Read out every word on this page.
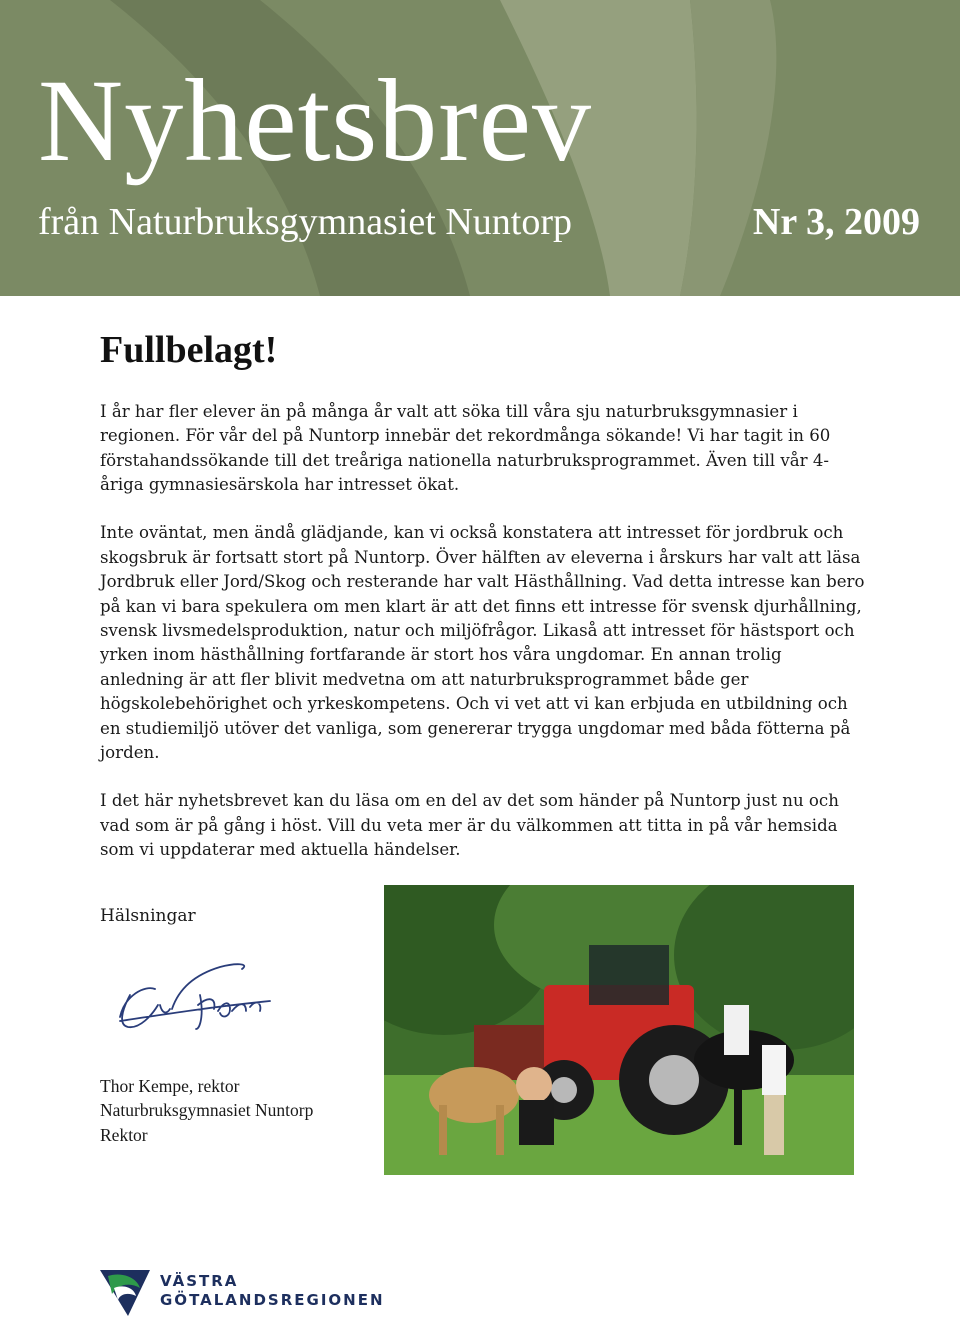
Nyhetsbrev
från Naturbruksgymnasiet Nuntorp	Nr 3, 2009
Fullbelagt!

I år har fler elever än på många år valt att söka till våra sju naturbruksgymnasier i regionen. För vår del på Nuntorp innebär det rekordmånga sökande! Vi har tagit in 60 förstahandssökande till det treåriga nationella naturbruksprogrammet. Även till vår 4-åriga gymnasiesärskola har intresset ökat.

Inte oväntat, men ändå glädjande, kan vi också konstatera att intresset för jordbruk och skogsbruk är fortsatt stort på Nuntorp. Över hälften av eleverna i årskurs har valt att läsa Jordbruk eller Jord/Skog och resterande har valt Hästhållning. Vad detta intresse kan bero på kan vi bara spekulera om men klart är att det finns ett intresse för svensk djurhållning, svensk livsmedelsproduktion, natur och miljöfrågor. Likaså att intresset för hästsport och yrken inom hästhållning fortfarande är stort hos våra ungdomar. En annan trolig anledning är att fler blivit medvetna om att naturbruksprogrammet både ger högskolebehörighet och yrkeskompetens. Och vi vet att vi kan erbjuda en utbildning och en studiemiljö utöver det vanliga, som genererar trygga ungdomar med båda fötterna på jorden.

I det här nyhetsbrevet kan du läsa om en del av det som händer på Nuntorp just nu och vad som är på gång i höst. Vill du veta mer är du välkommen att titta in på vår hemsida som vi uppdaterar med aktuella händelser.

Hälsningar
Thor Kempe, rektor
Naturbruksgymnasiet Nuntorp
Rektor
VÄSTRA
GÖTALANDSREGIONEN
